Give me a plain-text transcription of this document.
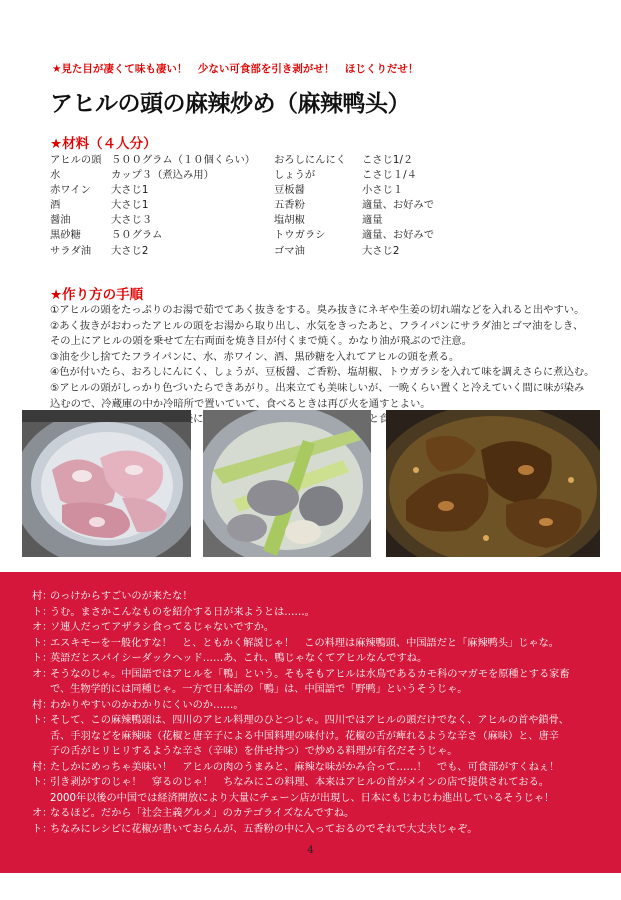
★見た目が凄くて味も凄い！　少ない可食部を引き剥がせ！　ほじくりだせ！
アヒルの頭の麻辣炒め（麻辣鸭头）
★材料（４人分）
アヒルの頭 ５００グラム（１０個くらい）
水	カップ３（煮込み用）
赤ワイン	大さじ1
酒	大さじ1
醤油	大さじ３
黒砂糖	５０グラム
サラダ油	大さじ2
おろしにんにく	こさじ1/２
しょうが	こさじ１/４
豆板醤	小さじ１
五香粉	適量、お好みで
塩胡椒	適量
トウガラシ	適量、お好みで
ゴマ油	大さじ2
★作り方の手順
①アヒルの頭をたっぷりのお湯で茹でてあく抜きをする。臭み抜きにネギや生姜の切れ端などを入れると出やすい。
②あく抜きがおわったアヒルの頭をお湯から取り出し、水気をきったあと、フライパンにサラダ油とゴマ油をしき、
その上にアヒルの頭を乗せて左右両面を焼き目が付くまで焼く。かなり油が飛ぶので注意。
③油を少し捨てたフライパンに、水、赤ワイン、酒、黒砂糖を入れてアヒルの頭を煮る。
④色が付いたら、おろしにんにく、しょうが、豆板醤、ご香粉、塩胡椒、トウガラシを入れて味を調えさらに煮込む。
⑤アヒルの頭がしっかり色づいたらできあがり。出来立ても美味しいが、一晩くらい置くと冷えていく間に味が染み
込むので、冷蔵庫の中か冷暗所で置いていて、食べるときは再び火を通すとよい。
村：
のっけからすごいのが来たな！
ト：
うむ。まさかこんなものを紹介する日が来ようとは……。
オ：
ソ連人だってアザラシ食ってるじゃないですか。
ト：
エスキモーを一般化すな！　と、ともかく解説じゃ！　この料理は麻辣鴨頭、中国語だと「麻辣鸭头」じゃな。
ト：
英語だとスパイシーダックヘッド……あ、これ、鴨じゃなくてアヒルなんですね。
オ：
そうなのじゃ。中国語ではアヒルを「鴨」という。そもそもアヒルは水鳥であるカモ科のマガモを原種とする家畜
で、生物学的には同種じゃ。一方で日本語の「鴨」は、中国語で「野鸭」というそうじゃ。
村：
わかりやすいのかわかりにくいのか……。
ト：
そして、この麻辣鴨頭は、四川のアヒル料理のひとつじゃ。四川ではアヒルの頭だけでなく、アヒルの首や鎖骨、
舌、手羽などを麻辣味（花椒と唐辛子による中国料理の味付け。花椒の舌が痺れるような辛さ（麻味）と、唐辛
子の舌がヒリヒリするような辛さ（辛味）を併せ持つ）で炒める料理が有名だそうじゃ。
村：
たしかにめっちゃ美味い！　アヒルの肉のうまみと、麻辣な味がかみ合って……！　でも、可食部がすくねぇ！
ト：
引き剥がすのじゃ！　穿るのじゃ！　ちなみにこの料理、本来はアヒルの首がメインの店で提供されておる。
2000年以後の中国では経済開放により大量にチェーン店が出現し、日本にもじわじわ進出しているそうじゃ！
オ：
なるほど。だから「社会主義グルメ」のカテゴライズなんですね。
ト：
ちなみにレシピに花椒が書いておらんが、五香粉の中に入っておるのでそれで大丈夫じゃぞ。
4
